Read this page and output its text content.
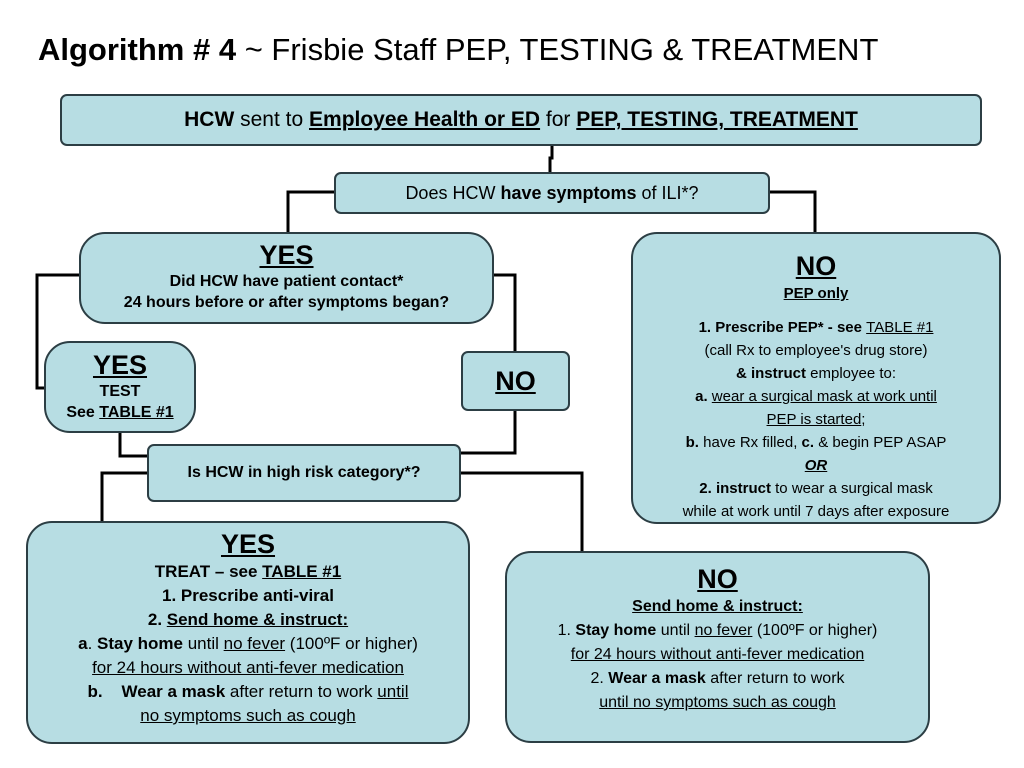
Algorithm # 4 ~ Frisbie Staff PEP, TESTING & TREATMENT
HCW sent to Employee Health or ED for PEP, TESTING, TREATMENT
Does HCW have symptoms of ILI*?
YES
Did HCW have patient contact*
24 hours before or after symptoms began?
YES
TEST
See TABLE #1
NO
Is HCW in high risk category*?
NO
PEP only
1. Prescribe PEP* - see TABLE #1
(call Rx to employee's drug store)
& instruct employee to:
a. wear a surgical mask at work until
PEP is started;
b. have Rx filled, c. & begin PEP ASAP
OR
2. instruct to wear a surgical mask
while at work until 7 days after exposure
YES
TREAT – see TABLE #1
1. Prescribe anti-viral
2. Send home & instruct:
a. Stay home until no fever (100ºF or higher)
for 24 hours without anti-fever medication
b.    Wear a mask after return to work until
no symptoms such as cough
NO
Send home & instruct:
1. Stay home until no fever (100ºF or higher)
for 24 hours without anti-fever medication
2. Wear a mask after return to work
until no symptoms such as cough
